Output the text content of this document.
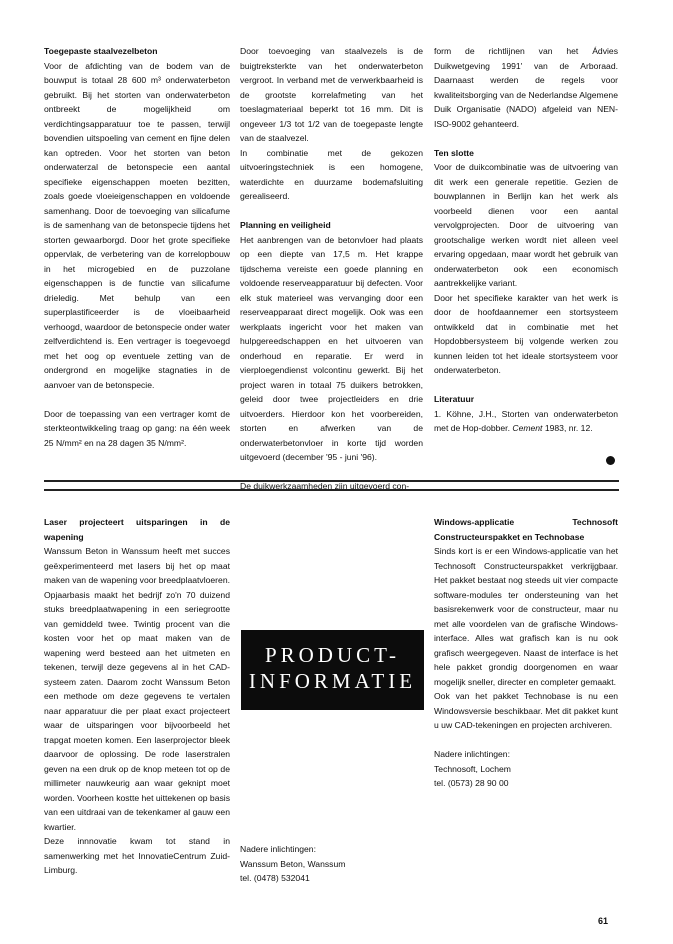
Toegepaste staalvezelbeton

Voor de afdichting van de bodem van de bouwput is totaal 28 600 m³ onderwaterbeton gebruikt. Bij het storten van onderwaterbeton ontbreekt de mogelijkheid om verdichtingsapparatuur toe te passen, terwijl bovendien uitspoeling van cement en fijne delen kan optreden. Voor het storten van beton onderwaterzal de betonspecie een aantal specifieke eigenschappen moeten bezitten, zoals goede vloeieigenschappen en voldoende samenhang. Door de toevoeging van silicafume is de samenhang van de betonspecie tijdens het storten gewaarborgd. Door het grote specifieke oppervlak, de verbetering van de korrelopbouw in het microgebied en de puzzolane eigenschappen is de functie van silicafume drieledig. Met behulp van een superplastificeerder is de vloeibaarheid verhoogd, waardoor de betonspecie onder water zelfverdichtend is. Een vertrager is toegevoegd met het oog op eventuele zetting van de ondergrond en mogelijke stagnaties in de aanvoer van de betonspecie.

Door de toepassing van een vertrager komt de sterkteontwikkeling traag op gang: na één week 25 N/mm² en na 28 dagen 35 N/mm².

Door toevoeging van staalvezels is de buigtreksterkte van het onderwaterbeton vergroot. In verband met de verwerkbaarheid is de grootste korrelafmeting van het toeslagmateriaal beperkt tot 16 mm. Dit is ongeveer 1/3 tot 1/2 van de toegepaste lengte van de staalvezel.

In combinatie met de gekozen uitvoeringstechniek is een homogene, waterdichte en duurzame bodemafsluiting gerealiseerd.

Planning en veiligheid

Het aanbrengen van de betonvloer had plaats op een diepte van 17,5 m. Het krappe tijdschema vereiste een goede planning en voldoende reserveapparatuur bij defecten. Voor elk stuk materieel was vervanging door een reserveapparaat direct mogelijk. Ook was een werkplaats ingericht voor het maken van hulpgereedschappen en het uitvoeren van onderhoud en reparatie. Er werd in vierploegendienst volcontinu gewerkt. Bij het project waren in totaal 75 duikers betrokken, geleid door twee projectleiders en drie uitvoerders. Hierdoor kon het voorbereiden, storten en afwerken van de onderwaterbetonvloer in korte tijd worden uitgevoerd (december '95 - juni '96).

De duikwerkzaamheden zijn uitgevoerd con-

form de richtlijnen van het Ádvies Duikwetgeving 1991' van de Arboraad. Daarnaast werden de regels voor kwaliteitsborging van de Nederlandse Algemene Duik Organisatie (NADO) afgeleid van NEN-ISO-9002 gehanteerd.

Ten slotte

Voor de duikcombinatie was de uitvoering van dit werk een generale repetitie. Gezien de bouwplannen in Berlijn kan het werk als voorbeeld dienen voor een aantal vervolgprojecten. Door de uitvoering van grootschalige werken wordt niet alleen veel ervaring opgedaan, maar wordt het gebruik van onderwaterbeton ook een economisch aantrekkelijke variant.

Door het specifieke karakter van het werk is door de hoofdaannemer een stortsysteem ontwikkeld dat in combinatie met het Hopdobbersysteem bij volgende werken zou kunnen leiden tot het ideale stortsysteem voor onderwaterbeton.

Literatuur

1. Köhne, J.H., Storten van onderwaterbeton met de Hop-dobber. Cement 1983, nr. 12.

Laser projecteert uitsparingen in de wapening

Wanssum Beton in Wanssum heeft met succes geëxperimenteerd met lasers bij het op maat maken van de wapening voor breedplaatvloeren. Opjaarbasis maakt het bedrijf zo'n 70 duizend stuks breedplaatwapening in een seriegrootte van gemiddeld twee. Twintig procent van die kosten voor het op maat maken van de wapening werd besteed aan het uitmeten en tekenen, terwijl deze gegevens al in het CAD-systeem zaten. Daarom zocht Wanssum Beton een methode om deze gegevens te vertalen naar apparatuur die per plaat exact projecteert waar de uitsparingen voor bijvoorbeeld het trapgat moeten komen. Een laserprojector bleek daarvoor de oplossing. De rode laserstralen geven na een druk op de knop meteen tot op de millimeter nauwkeurig aan waar geknipt moet worden. Voorheen kostte het uittekenen op basis van een uitdraai van de tekenkamer al gauw een kwartier.

Deze innnovatie kwam tot stand in samenwerking met het InnovatieCentrum Zuid-Limburg.

PRODUCT-
INFORMATIE

Nadere inlichtingen:

Wanssum Beton, Wanssum

tel. (0478) 532041

Windows-applicatie Technosoft Constructeurspakket en Technobase

Sinds kort is er een Windows-applicatie van het Technosoft Constructeurspakket verkrijgbaar. Het pakket bestaat nog steeds uit vier compacte software-modules ter ondersteuning van het basisrekenwerk voor de constructeur, maar nu met alle voordelen van de grafische Windows-interface. Alles wat grafisch kan is nu ook grafisch weergegeven. Naast de interface is het hele pakket grondig doorgenomen en waar mogelijk sneller, directer en completer gemaakt.

Ook van het pakket Technobase is nu een Windowsversie beschikbaar. Met dit pakket kunt u uw CAD-tekeningen en projecten archiveren.

Nadere inlichtingen:

Technosoft, Lochem

tel. (0573) 28 90 00

61
